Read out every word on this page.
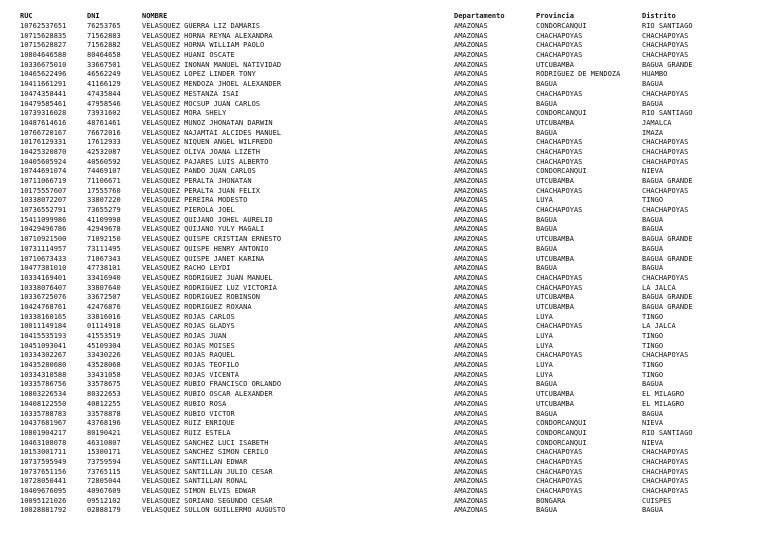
RUC	DNI	NOMBRE	Departamento	Provincia	Distrito
10762537651	76253765	VELASQUEZ GUERRA LIZ DAMARIS	AMAZONAS	CONDORCANQUI	RIO SANTIAGO
10715628835	71562883	VELASQUEZ HORNA REYNA ALEXANDRA	AMAZONAS	CHACHAPOYAS	CHACHAPOYAS
10715628827	71562882	VELASQUEZ HORNA WILLIAM PAOLO	AMAZONAS	CHACHAPOYAS	CHACHAPOYAS
10804646588	80464658	VELASQUEZ HUANI OSCATE	AMAZONAS	CHACHAPOYAS	CHACHAPOYAS
10336675010	33667501	VELASQUEZ INOÑAN MANUEL NATIVIDAD	AMAZONAS	UTCUBAMBA	BAGUA GRANDE
10465622496	46562249	VELASQUEZ LOPEZ LINDER TONY	AMAZONAS	RODRIGUEZ DE MENDOZA	HUAMBO
10411661291	41166129	VELASQUEZ MENDOZA JHOEL ALEXANDER	AMAZONAS	BAGUA	BAGUA
10474358441	47435844	VELASQUEZ MESTANZA ISAI	AMAZONAS	CHACHAPOYAS	CHACHAPOYAS
10479585461	47958546	VELASQUEZ MOCSUP JUAN CARLOS	AMAZONAS	BAGUA	BAGUA
10739316028	73931602	VELASQUEZ MORA SHELY	AMAZONAS	CONDORCANQUI	RIO SANTIAGO
10487614616	48761461	VELASQUEZ MUÑOZ JHONATAN DARWIN	AMAZONAS	UTCUBAMBA	JAMALCA
10766720167	76672016	VELASQUEZ NAJAMTAI ALCIDES MANUEL	AMAZONAS	BAGUA	IMAZA
10176129331	17612933	VELASQUEZ NIQUEN ANGEL WILFREDO	AMAZONAS	CHACHAPOYAS	CHACHAPOYAS
10425320870	42532087	VELASQUEZ OLIVA JOANA LIZETH	AMAZONAS	CHACHAPOYAS	CHACHAPOYAS
10405605924	40560592	VELASQUEZ PAJARES LUIS ALBERTO	AMAZONAS	CHACHAPOYAS	CHACHAPOYAS
10744691074	74469107	VELASQUEZ PANDO JUAN CARLOS	AMAZONAS	CONDORCANQUI	NIEVA
10711066719	71106671	VELASQUEZ PERALTA JHONATAN	AMAZONAS	UTCUBAMBA	BAGUA GRANDE
10175557607	17555760	VELASQUEZ PERALTA JUAN FELIX	AMAZONAS	CHACHAPOYAS	CHACHAPOYAS
10338072207	33807220	VELASQUEZ PEREIRA MODESTO	AMAZONAS	LUYA	TINGO
10736552791	73655279	VELASQUEZ PIEROLA JOEL	AMAZONAS	CHACHAPOYAS	CHACHAPOYAS
15411099986	41109998	VELASQUEZ QUIJANO JOHEL AURELIO	AMAZONAS	BAGUA	BAGUA
10429496786	42949678	VELASQUEZ QUIJANO YULY MAGALI	AMAZONAS	BAGUA	BAGUA
10710921500	71092150	VELASQUEZ QUISPE CRISTIAN ERNESTO	AMAZONAS	UTCUBAMBA	BAGUA GRANDE
10731114957	73111495	VELASQUEZ QUISPE HENRY ANTONIO	AMAZONAS	BAGUA	BAGUA
10710673433	71067343	VELASQUEZ QUISPE JANET KARINA	AMAZONAS	UTCUBAMBA	BAGUA GRANDE
10477381010	47738101	VELASQUEZ RACHO LEYDI	AMAZONAS	BAGUA	BAGUA
10334169401	33416940	VELASQUEZ RODRIGUEZ JUAN MANUEL	AMAZONAS	CHACHAPOYAS	CHACHAPOYAS
10338076407	33807640	VELASQUEZ RODRIGUEZ LUZ VICTORIA	AMAZONAS	CHACHAPOYAS	LA JALCA
10336725076	33672507	VELASQUEZ RODRIGUEZ ROBINSON	AMAZONAS	UTCUBAMBA	BAGUA GRANDE
10424768761	42476876	VELASQUEZ RODRIGUEZ ROXANA	AMAZONAS	UTCUBAMBA	BAGUA GRANDE
10338160165	33816016	VELASQUEZ ROJAS CARLOS	AMAZONAS	LUYA	TINGO
10011149184	01114918	VELASQUEZ ROJAS GLADYS	AMAZONAS	CHACHAPOYAS	LA JALCA
10415535193	41553519	VELASQUEZ ROJAS JUAN	AMAZONAS	LUYA	TINGO
10451093041	45109304	VELASQUEZ ROJAS MOISES	AMAZONAS	LUYA	TINGO
10334302267	33430226	VELASQUEZ ROJAS RAQUEL	AMAZONAS	CHACHAPOYAS	CHACHAPOYAS
10435280680	43528068	VELASQUEZ ROJAS TEOFILO	AMAZONAS	LUYA	TINGO
10334310588	33431058	VELASQUEZ ROJAS VICENTA	AMAZONAS	LUYA	TINGO
10335786756	33578675	VELASQUEZ RUBIO FRANCISCO ORLANDO	AMAZONAS	BAGUA	BAGUA
10803226534	80322653	VELASQUEZ RUBIO OSCAR ALEXANDER	AMAZONAS	UTCUBAMBA	EL MILAGRO
10408122550	40812255	VELASQUEZ RUBIO ROSA	AMAZONAS	UTCUBAMBA	EL MILAGRO
10335788783	33578878	VELASQUEZ RUBIO VICTOR	AMAZONAS	BAGUA	BAGUA
10437681967	43768196	VELASQUEZ RUIZ ENRIQUE	AMAZONAS	CONDORCANQUI	NIEVA
10801904217	80190421	VELASQUEZ RUIZ ESTELA	AMAZONAS	CONDORCANQUI	RIO SANTIAGO
10463108078	46310807	VELASQUEZ SANCHEZ LUCI ISABETH	AMAZONAS	CONDORCANQUI	NIEVA
10153001711	15300171	VELASQUEZ SANCHEZ SIMON CERILO	AMAZONAS	CHACHAPOYAS	CHACHAPOYAS
10737595949	73759594	VELASQUEZ SANTILLAN EDWAR	AMAZONAS	CHACHAPOYAS	CHACHAPOYAS
10737651156	73765115	VELASQUEZ SANTILLAN JULIO CESAR	AMAZONAS	CHACHAPOYAS	CHACHAPOYAS
10728050441	72805044	VELASQUEZ SANTILLAN RONAL	AMAZONAS	CHACHAPOYAS	CHACHAPOYAS
10409676095	40967609	VELASQUEZ SIMON ELVIS EDWAR	AMAZONAS	CHACHAPOYAS	CHACHAPOYAS
10095121026	09512102	VELASQUEZ SORIANO SEGUNDO CESAR	AMAZONAS	BONGARA	CUISPES
10028881792	02888179	VELASQUEZ SULLON GUILLERMO AUGUSTO	AMAZONAS	BAGUA	BAGUA
